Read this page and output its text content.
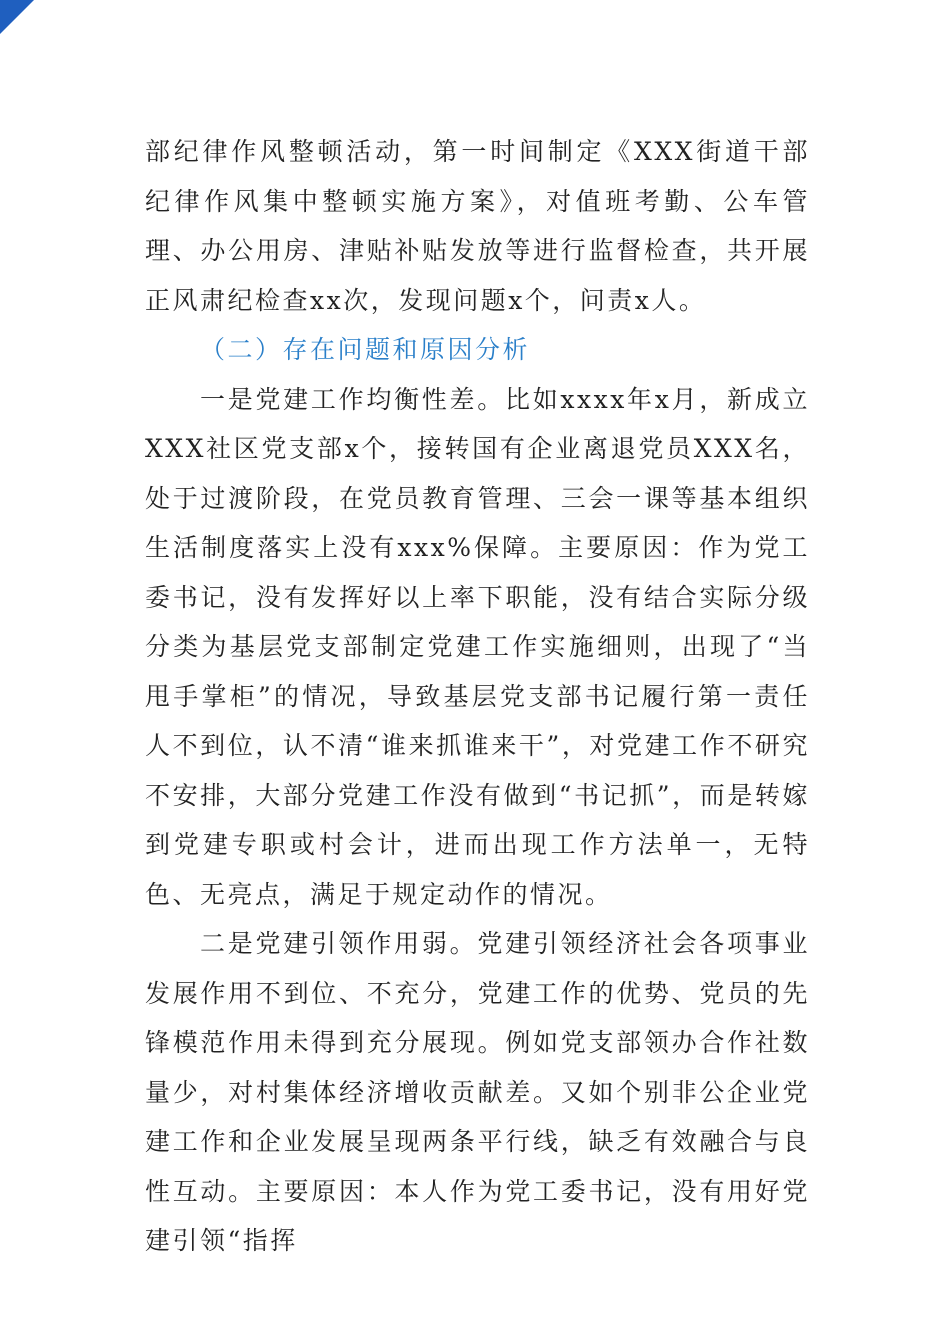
部纪律作风整顿活动，第一时间制定《XXX街道干部纪律作风集中整顿实施方案》，对值班考勤、公车管理、办公用房、津贴补贴发放等进行监督检查，共开展正风肃纪检查xx次，发现问题x个，问责x人。

（二）存在问题和原因分析

一是党建工作均衡性差。比如xxxx年x月，新成立XXX社区党支部x个，接转国有企业离退党员XXX名，处于过渡阶段，在党员教育管理、三会一课等基本组织生活制度落实上没有xxx%保障。主要原因：作为党工委书记，没有发挥好以上率下职能，没有结合实际分级分类为基层党支部制定党建工作实施细则，出现了“当甩手掌柜”的情况，导致基层党支部书记履行第一责任人不到位，认不清“谁来抓谁来干”，对党建工作不研究不安排，大部分党建工作没有做到“书记抓”，而是转嫁到党建专职或村会计，进而出现工作方法单一，无特色、无亮点，满足于规定动作的情况。

二是党建引领作用弱。党建引领经济社会各项事业发展作用不到位、不充分，党建工作的优势、党员的先锋模范作用未得到充分展现。例如党支部领办合作社数量少，对村集体经济增收贡献差。又如个别非公企业党建工作和企业发展呈现两条平行线，缺乏有效融合与良性互动。主要原因：本人作为党工委书记，没有用好党建引领“指挥
